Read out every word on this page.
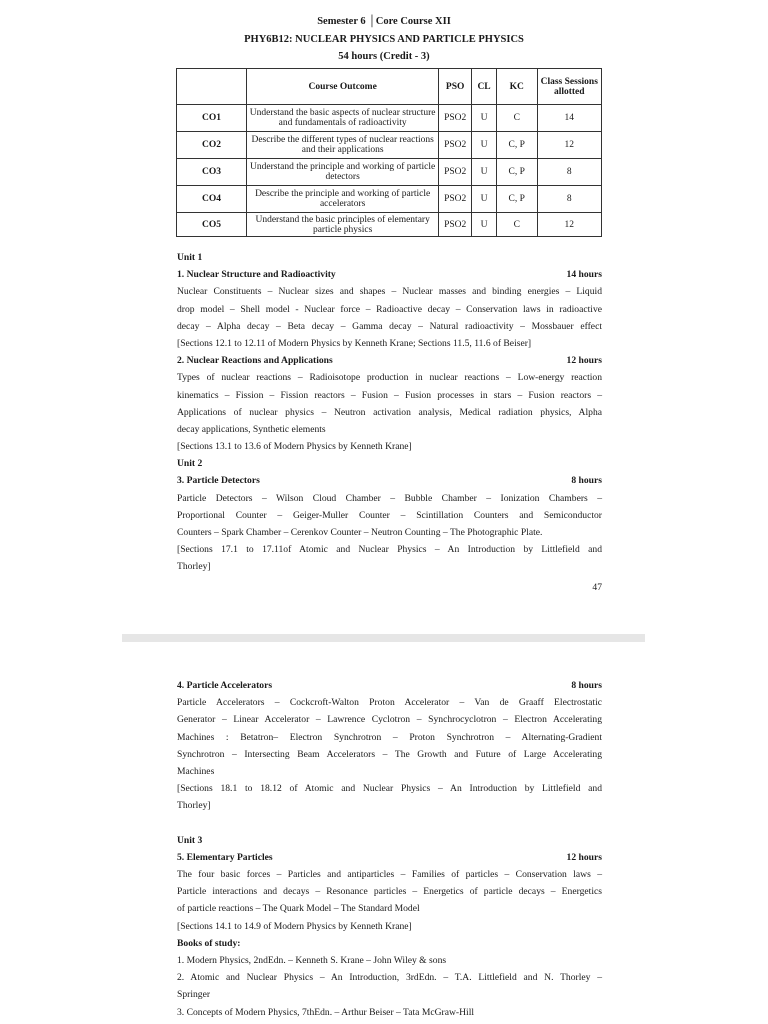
Semester 6 │Core Course XII
PHY6B12: NUCLEAR PHYSICS AND PARTICLE PHYSICS
54 hours (Credit - 3)
	Course Outcome	PSO	CL	KC	Class Sessions allotted
CO1	Understand the basic aspects of nuclear structure and fundamentals of radioactivity	PSO2	U	C	14
CO2	Describe the different types of nuclear reactions and their applications	PSO2	U	C, P	12
CO3	Understand the principle and working of particle detectors	PSO2	U	C, P	8
CO4	Describe the principle and working of particle accelerators	PSO2	U	C, P	8
CO5	Understand the basic principles of elementary particle physics	PSO2	U	C	12
Unit 1
1. Nuclear Structure and Radioactivity	14 hours
Nuclear Constituents – Nuclear sizes and shapes – Nuclear masses and binding energies – Liquid
drop model – Shell model - Nuclear force – Radioactive decay – Conservation laws in radioactive
decay – Alpha decay – Beta decay – Gamma decay – Natural radioactivity – Mossbauer effect
[Sections 12.1 to 12.11 of Modern Physics by Kenneth Krane; Sections 11.5, 11.6 of Beiser]
2. Nuclear Reactions and Applications	12 hours
Types of nuclear reactions – Radioisotope production in nuclear reactions – Low-energy reaction
kinematics – Fission – Fission reactors – Fusion – Fusion processes in stars – Fusion reactors –
Applications of nuclear physics – Neutron activation analysis, Medical radiation physics, Alpha
decay applications, Synthetic elements
[Sections 13.1 to 13.6 of Modern Physics by Kenneth Krane]
Unit 2
3. Particle Detectors	8 hours
Particle Detectors – Wilson Cloud Chamber – Bubble Chamber – Ionization Chambers –
Proportional Counter – Geiger-Muller Counter – Scintillation Counters and Semiconductor
Counters – Spark Chamber – Cerenkov Counter – Neutron Counting – The Photographic Plate.
[Sections 17.1 to 17.11of Atomic and Nuclear Physics – An Introduction by Littlefield and
Thorley]
47
4. Particle Accelerators	8 hours
Particle Accelerators – Cockcroft-Walton Proton Accelerator – Van de Graaff Electrostatic
Generator – Linear Accelerator – Lawrence Cyclotron – Synchrocyclotron – Electron Accelerating
Machines : Betatron– Electron Synchrotron – Proton Synchrotron – Alternating-Gradient
Synchrotron – Intersecting Beam Accelerators – The Growth and Future of Large Accelerating
Machines
[Sections 18.1 to 18.12 of Atomic and Nuclear Physics – An Introduction by Littlefield and
Thorley]
Unit 3
5. Elementary Particles	12 hours
The four basic forces – Particles and antiparticles – Families of particles – Conservation laws –
Particle interactions and decays – Resonance particles – Energetics of particle decays – Energetics
of particle reactions – The Quark Model – The Standard Model
[Sections 14.1 to 14.9 of Modern Physics by Kenneth Krane]
Books of study:
1. Modern Physics, 2ndEdn. – Kenneth S. Krane – John Wiley & sons
2. Atomic and Nuclear Physics – An Introduction, 3rdEdn. – T.A. Littlefield and N. Thorley –
Springer
3. Concepts of Modern Physics, 7thEdn. – Arthur Beiser – Tata McGraw-Hill
